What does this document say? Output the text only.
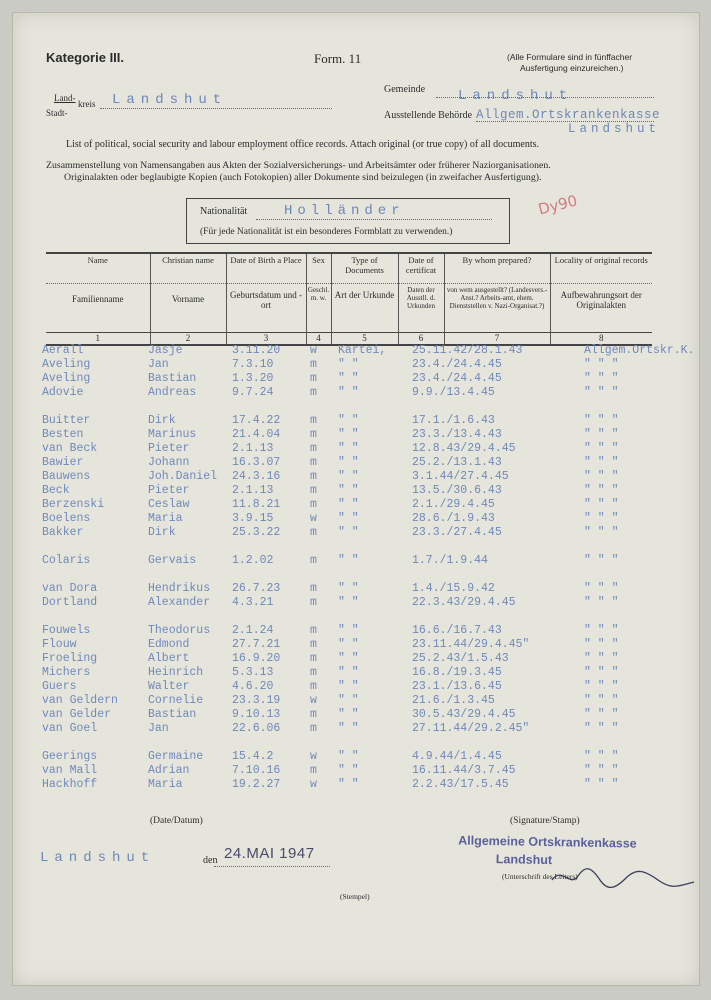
Kategorie III.	Form. 11	(Alle Formulare sind in fünffacher
Ausfertigung einzureichen.)
Land-
kreis
Stadt-
Landshut
Gemeinde Landshut
Ausstellende Behörde Allgem.Ortskrankenkasse
Landshut
List of political, social security and labour employment office records. Attach original (or true copy) of all documents.
Zusammenstellung von Namensangaben aus Akten der Sozialversicherungs- und Arbeitsämter oder früherer Naziorganisationen.
Originalakten oder beglaubigte Kopien (auch Fotokopien) aller Dokumente sind beizulegen (in zweifacher Ausfertigung).
Nationalität	Holländer
(Für jede Nationalität ist ein besonderes Formblatt zu verwenden.)
Dy90
Name	Christian name	Date of Birth a Place	Sex	Type of Documents	Date of certificat	By whom prepared?	Locality of original records
Familienname	Vorname	Geburtsdatum und -ort	Geschl. m. w.	Art der Urkunde	Daten der Ausstll. d. Urkunden	von wem ausgestellt? (Landesvers.-Anst.? Arbeits-amt, ehem. Dienststellen v. Nazi-Organisat.?)	Aufbewahrungsort der Originalakten
1	2	3	4	5	6	7	8
Aerall	Jasje	3.11.20	w Kartei, 25.11.42/28.1.43	Allgem.Ortskr.K.
Aveling	Jan	7.3.10	m " "	23.4./24.4.45	" " "
Aveling	Bastian	1.3.20	m " "	23.4./24.4.45	" " "
Adovie	Andreas	9.7.24	m " "	9.9./13.4.45	" " "
Buitter	Dirk	17.4.22	m " "	17.1./1.6.43	" " "
Besten	Marinus	21.4.04	m " "	23.3./13.4.43	" " "
van Beck	Pieter	2.1.13	m " "	12.8.43/29.4.45	" " "
Bawier	Johann	16.3.07	m " "	25.2./13.1.43	" " "
Bauwens	Joh.Daniel 24.3.16	m " "	3.1.44/27.4.45	" " "
Beck	Pieter	2.1.13	m " "	13.5./30.6.43	" " "
Berzenski	Ceslaw	11.8.21	m " "	2.1./29.4.45	" " "
Boelens	Maria	3.9.15	w " "	28.6./1.9.43	" " "
Bakker	Dirk	25.3.22	m " "	23.3./27.4.45	" " "
Colaris	Gervais	1.2.02	m " "	1.7./1.9.44	" " "
van Dora	Hendrikus 26.7.23	m " "	1.4./15.9.42	" " "
Dortland	Alexander 4.3.21	m " "	22.3.43/29.4.45	" " "
Fouwels	Theodorus 2.1.24	m " "	16.6./16.7.43	" " "
Flouw	Edmond	27.7.21	m " "	23.11.44/29.4.45"	" " "
Froeling	Albert	16.9.20	m " "	25.2.43/1.5.43	" " "
Michers	Heinrich	5.3.13	m " "	16.8./19.3.45	" " "
Guers	Walter	4.6.20	m " "	23.1./13.6.45	" " "
van Geldern	Cornelie	23.3.19	w " "	21.6./1.3.45	" " "
van Gelder	Bastian	9.10.13	m " "	30.5.43/29.4.45	" " "
van Goel	Jan	22.6.06	m " "	27.11.44/29.2.45"	" " "
Geerings	Germaine	15.4.2	w " "	4.9.44/1.4.45	" " "
van Mall	Adrian	7.10.16	m " "	16.11.44/3.7.45	" " "
Hackhoff	Maria	19.2.27	w " "	2.2.43/17.5.45	" " "
(Date/Datum)	(Signature/Stamp)
Landshut	den 24.MAI 1947
Allgemeine Ortskrankenkasse
Landshut
(Unterschrift des Leiters)
(Stempel)
